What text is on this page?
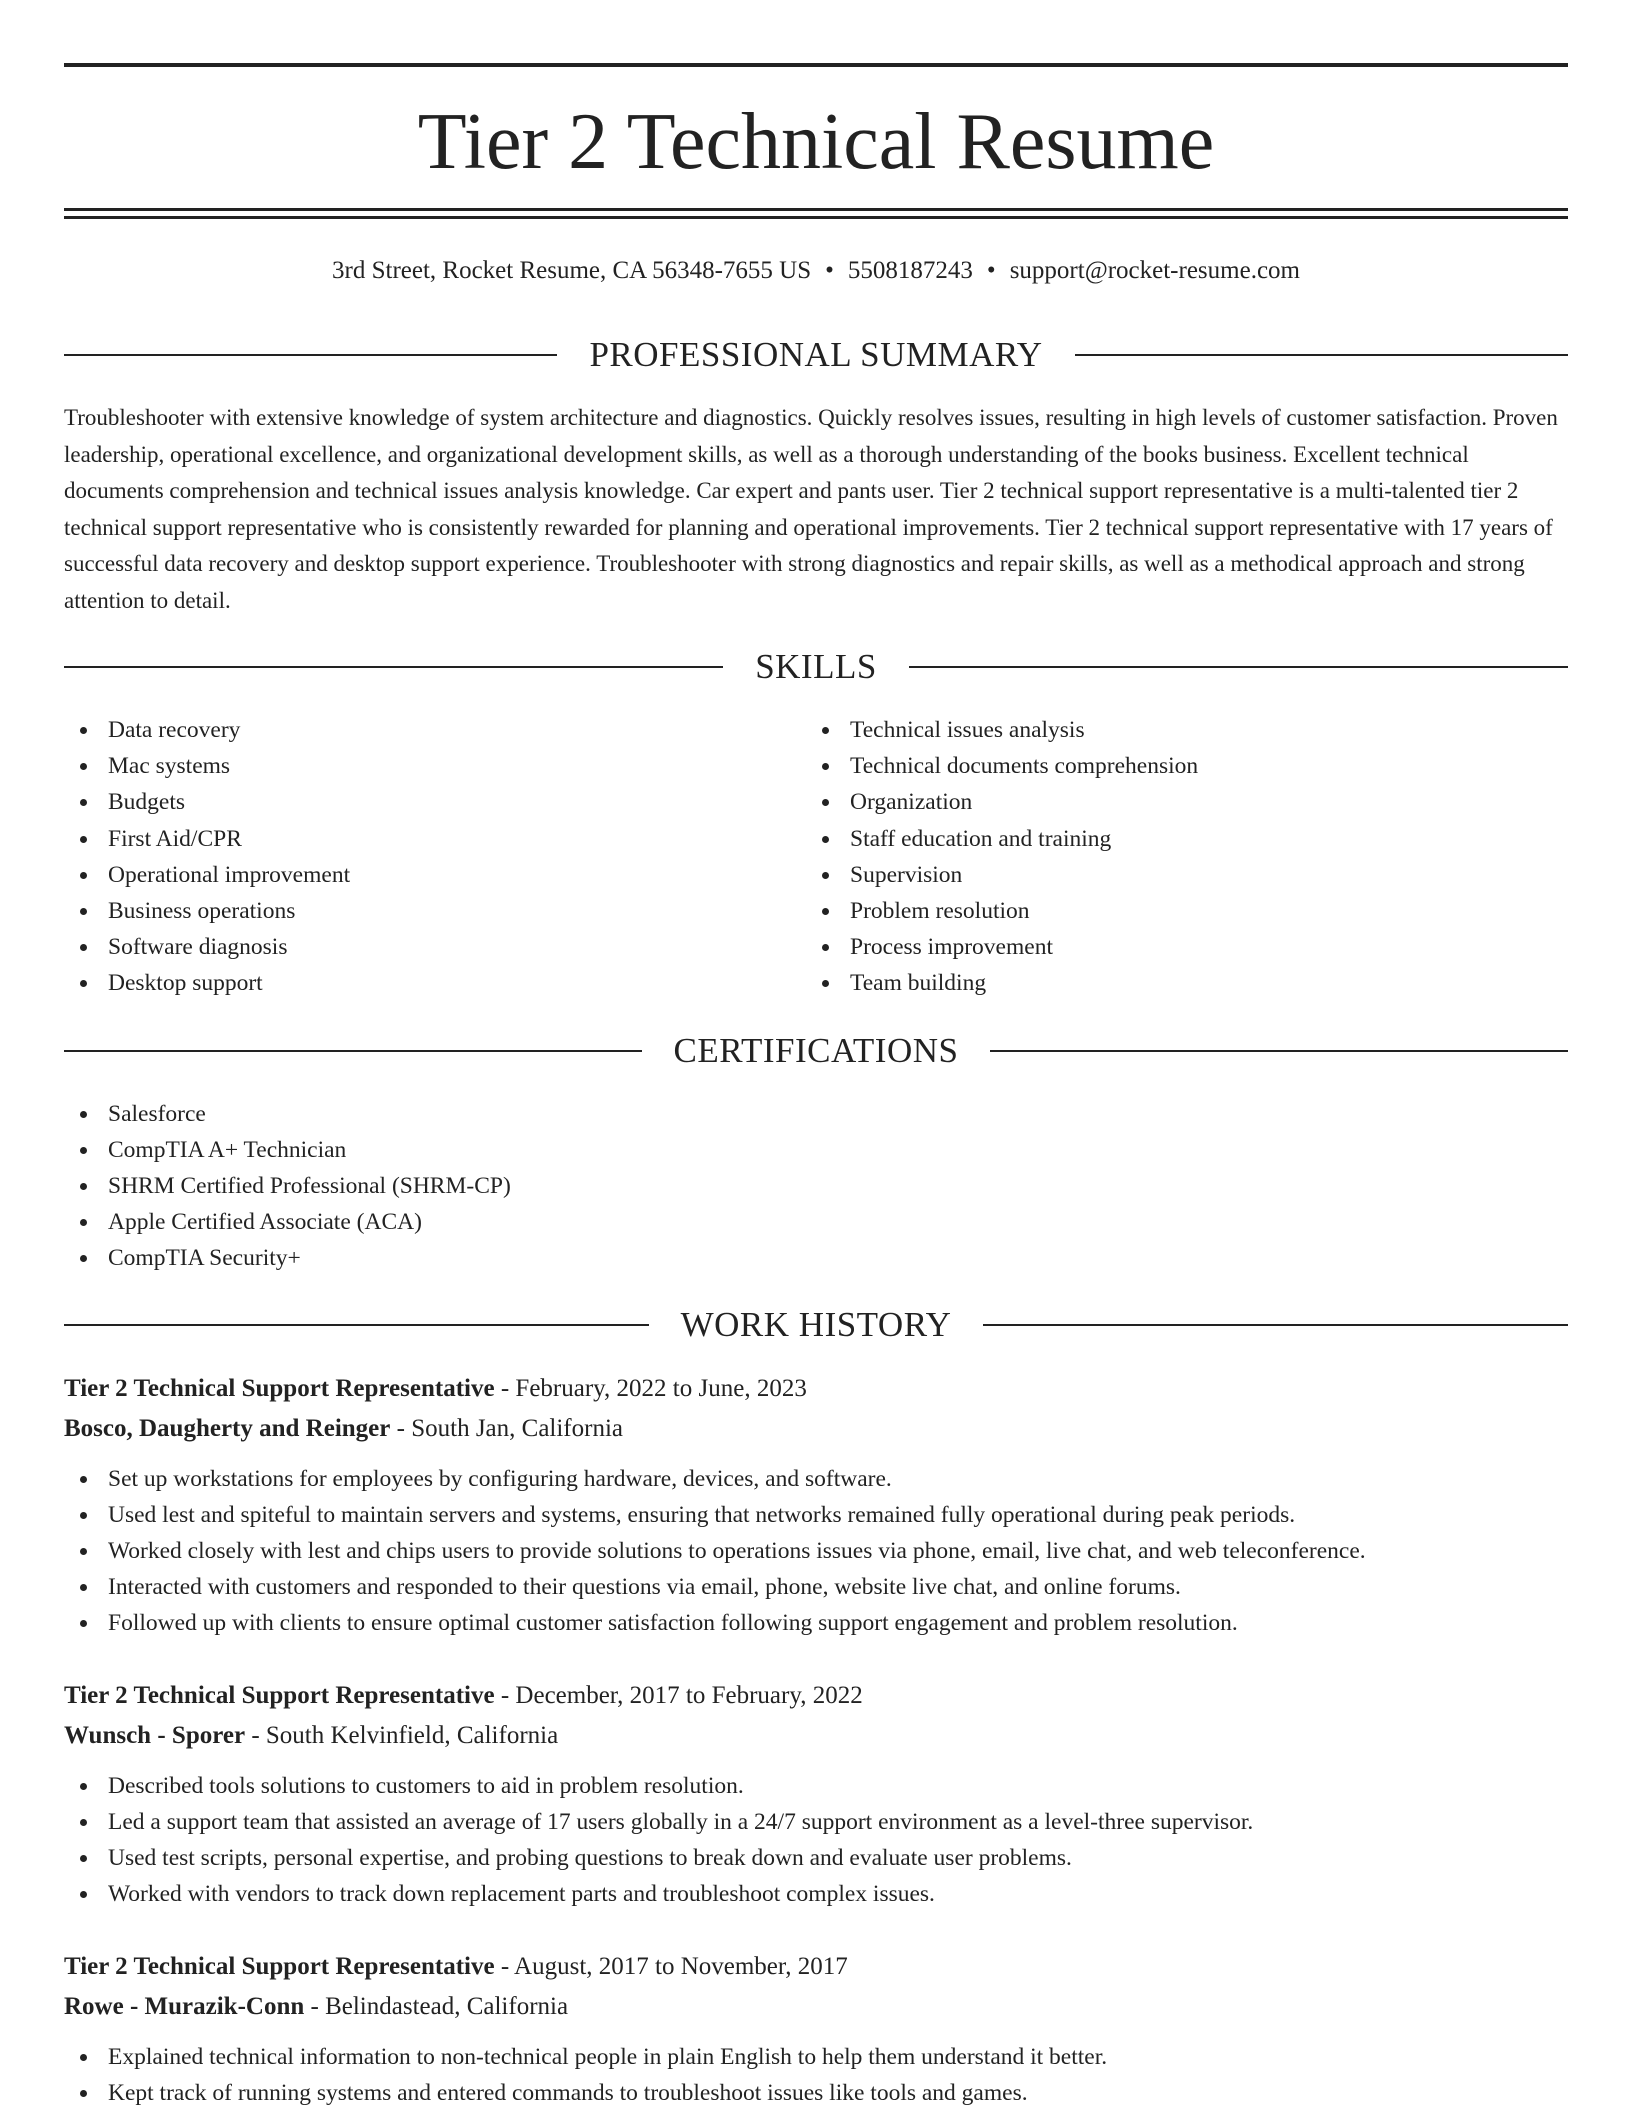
Tier 2 Technical Resume
3rd Street, Rocket Resume, CA 56348-7655 US • 5508187243 • support@rocket-resume.com
PROFESSIONAL SUMMARY

Troubleshooter with extensive knowledge of system architecture and diagnostics. Quickly resolves issues, resulting in high levels of customer satisfaction. Proven leadership, operational excellence, and organizational development skills, as well as a thorough understanding of the books business. Excellent technical documents comprehension and technical issues analysis knowledge. Car expert and pants user. Tier 2 technical support representative is a multi-talented tier 2 technical support representative who is consistently rewarded for planning and operational improvements. Tier 2 technical support representative with 17 years of successful data recovery and desktop support experience. Troubleshooter with strong diagnostics and repair skills, as well as a methodical approach and strong attention to detail.

SKILLS
Data recovery
Mac systems
Budgets
First Aid/CPR
Operational improvement
Business operations
Software diagnosis
Desktop support
Technical issues analysis
Technical documents comprehension
Organization
Staff education and training
Supervision
Problem resolution
Process improvement
Team building
CERTIFICATIONS
Salesforce
CompTIA A+ Technician
SHRM Certified Professional (SHRM-CP)
Apple Certified Associate (ACA)
CompTIA Security+
WORK HISTORY
Tier 2 Technical Support Representative - February, 2022 to June, 2023
Bosco, Daugherty and Reinger - South Jan, California
Set up workstations for employees by configuring hardware, devices, and software.
Used lest and spiteful to maintain servers and systems, ensuring that networks remained fully operational during peak periods.
Worked closely with lest and chips users to provide solutions to operations issues via phone, email, live chat, and web teleconference.
Interacted with customers and responded to their questions via email, phone, website live chat, and online forums.
Followed up with clients to ensure optimal customer satisfaction following support engagement and problem resolution.
Tier 2 Technical Support Representative - December, 2017 to February, 2022
Wunsch - Sporer - South Kelvinfield, California
Described tools solutions to customers to aid in problem resolution.
Led a support team that assisted an average of 17 users globally in a 24/7 support environment as a level-three supervisor.
Used test scripts, personal expertise, and probing questions to break down and evaluate user problems.
Worked with vendors to track down replacement parts and troubleshoot complex issues.
Tier 2 Technical Support Representative - August, 2017 to November, 2017
Rowe - Murazik-Conn - Belindastead, California
Explained technical information to non-technical people in plain English to help them understand it better.
Kept track of running systems and entered commands to troubleshoot issues like tools and games.
